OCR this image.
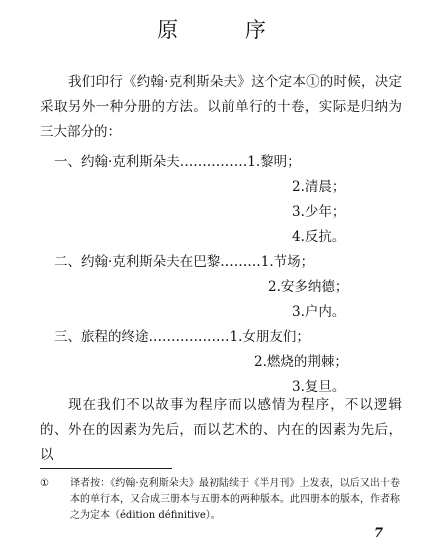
原 序
我们印行《约翰·克利斯朵夫》这个定本①的时候，决定采取另外一种分册的方法。以前单行的十卷，实际是归纳为三大部分的：
一、约翰·克利斯朵夫……………1.黎明；
2.清晨；
3.少年；
4.反抗。
二、约翰·克利斯朵夫在巴黎………1.节场；
2.安多纳德；
3.户内。
三、旅程的终途………………1.女朋友们；
2.燃烧的荆棘；
3.复旦。
现在我们不以故事为程序而以感情为程序，不以逻辑的、外在的因素为先后，而以艺术的、内在的因素为先后，以
①	译者按：《约翰·克利斯朵夫》最初陆续于《半月刊》上发表，以后又出十卷本的单行本，又合成三册本与五册本的两种版本。此四册本的版本，作者称之为定本（édition définitive）。
7
